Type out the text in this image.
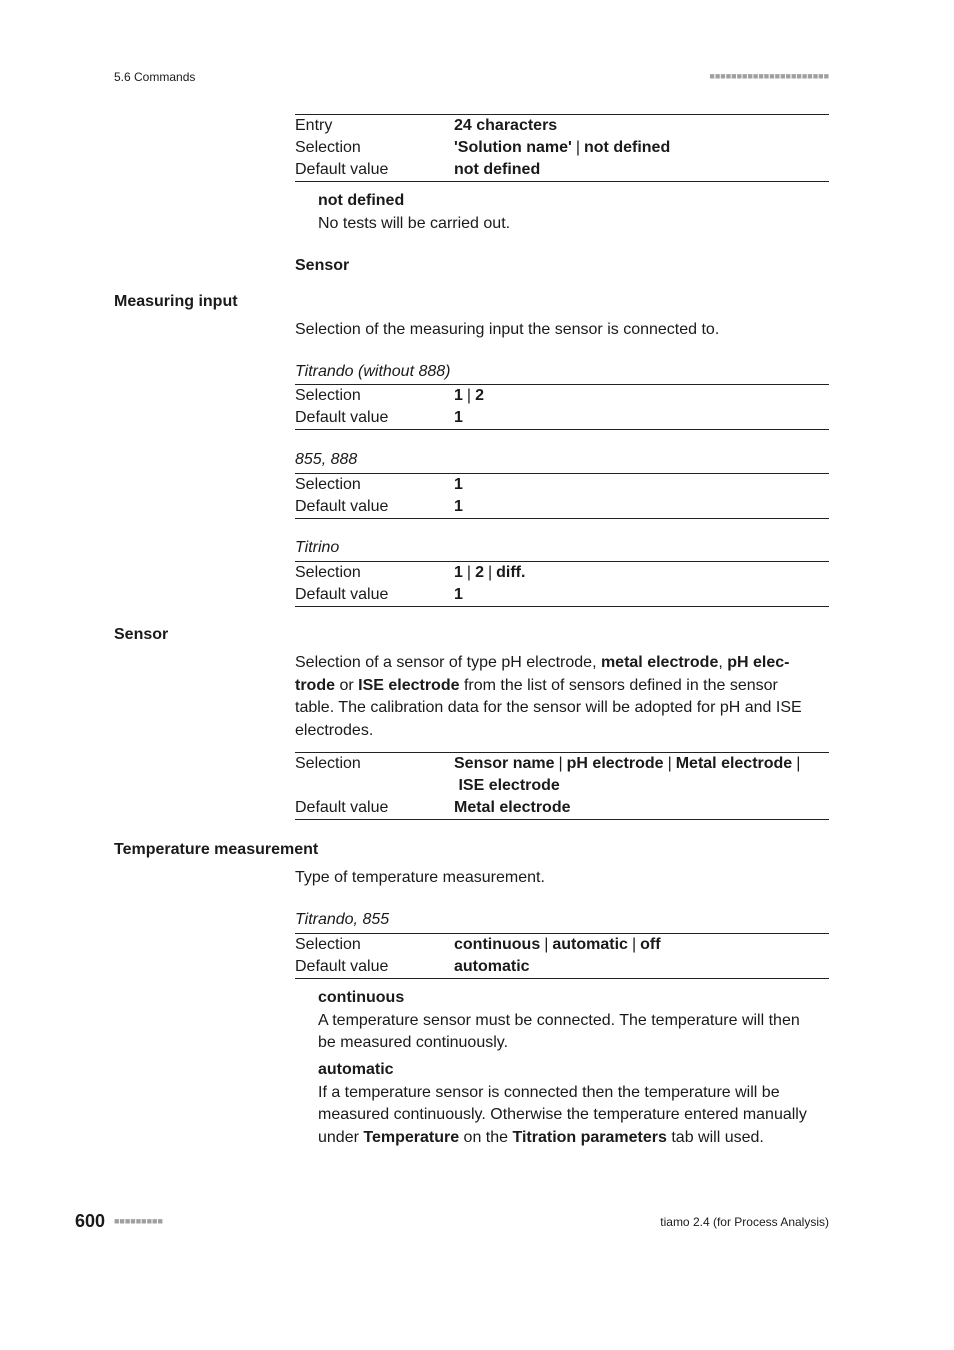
5.6 Commands	■■■■■■■■■■■■■■■■■■■■■■
Entry	24 characters
Selection	'Solution name' | not defined
Default value	not defined
not defined
No tests will be carried out.
Sensor
Measuring input
Selection of the measuring input the sensor is connected to.
Titrando (without 888)
Selection	1 | 2
Default value	1
855, 888
Selection	1
Default value	1
Titrino
Selection	1 | 2 | diff.
Default value	1
Sensor
Selection of a sensor of type pH electrode, metal electrode, pH elec-
trode or ISE electrode from the list of sensors defined in the sensor
table. The calibration data for the sensor will be adopted for pH and ISE
electrodes.
Selection	Sensor name | pH electrode | Metal electrode |
ISE electrode
Default value	Metal electrode
Temperature measurement
Type of temperature measurement.
Titrando, 855
Selection	continuous | automatic | off
Default value	automatic
continuous
A temperature sensor must be connected. The temperature will then
be measured continuously.
automatic
If a temperature sensor is connected then the temperature will be
measured continuously. Otherwise the temperature entered manually
under Temperature on the Titration parameters tab will used.
600 ■■■■■■■■■	tiamo 2.4 (for Process Analysis)
